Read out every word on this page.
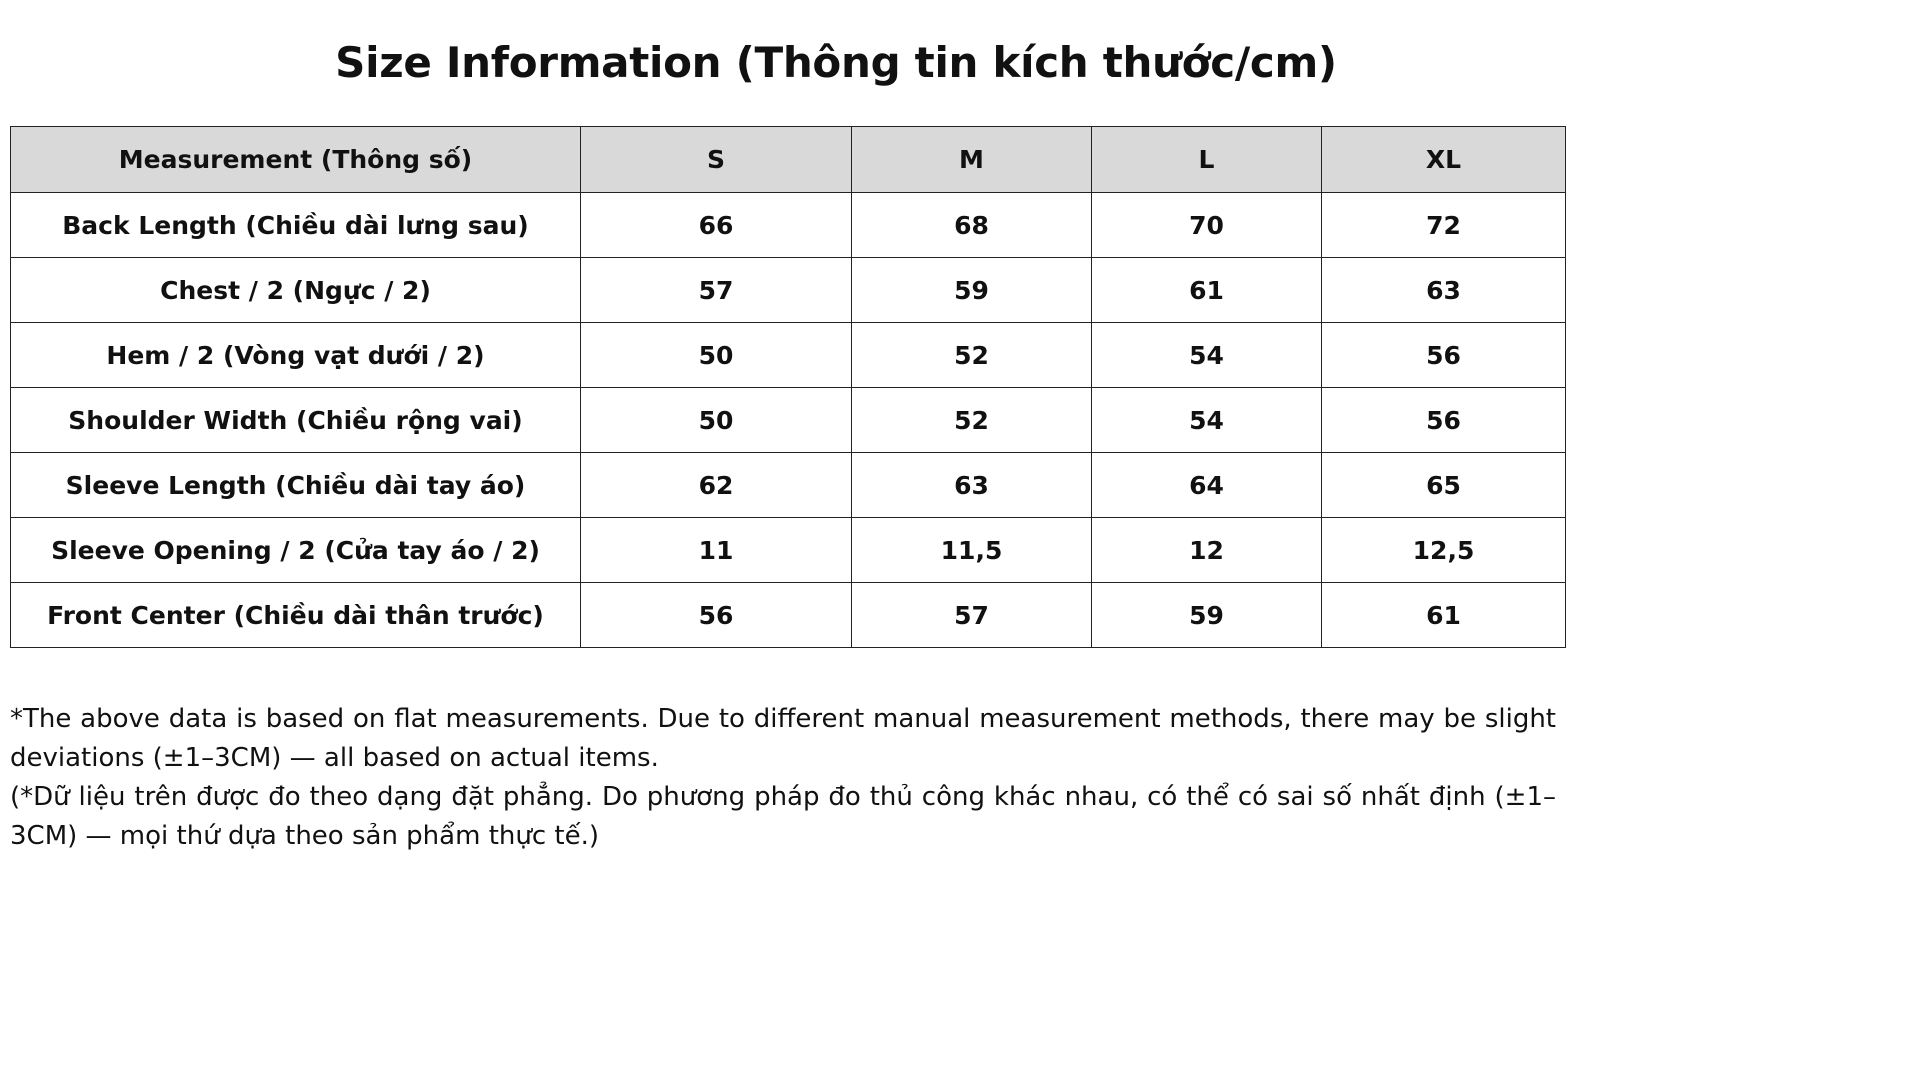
Size Information (Thông tin kích thước/cm)
Measurement (Thông số)	S	M	L	XL
Back Length (Chiều dài lưng sau)	66	68	70	72
Chest / 2 (Ngực / 2)	57	59	61	63
Hem / 2 (Vòng vạt dưới / 2)	50	52	54	56
Shoulder Width (Chiều rộng vai)	50	52	54	56
Sleeve Length (Chiều dài tay áo)	62	63	64	65
Sleeve Opening / 2 (Cửa tay áo / 2)	11	11,5	12	12,5
Front Center (Chiều dài thân trước)	56	57	59	61

*The above data is based on flat measurements. Due to different manual measurement methods, there may be slight deviations (±1–3CM) — all based on actual items.

(*Dữ liệu trên được đo theo dạng đặt phẳng. Do phương pháp đo thủ công khác nhau, có thể có sai số nhất định (±1–3CM) — mọi thứ dựa theo sản phẩm thực tế.)
